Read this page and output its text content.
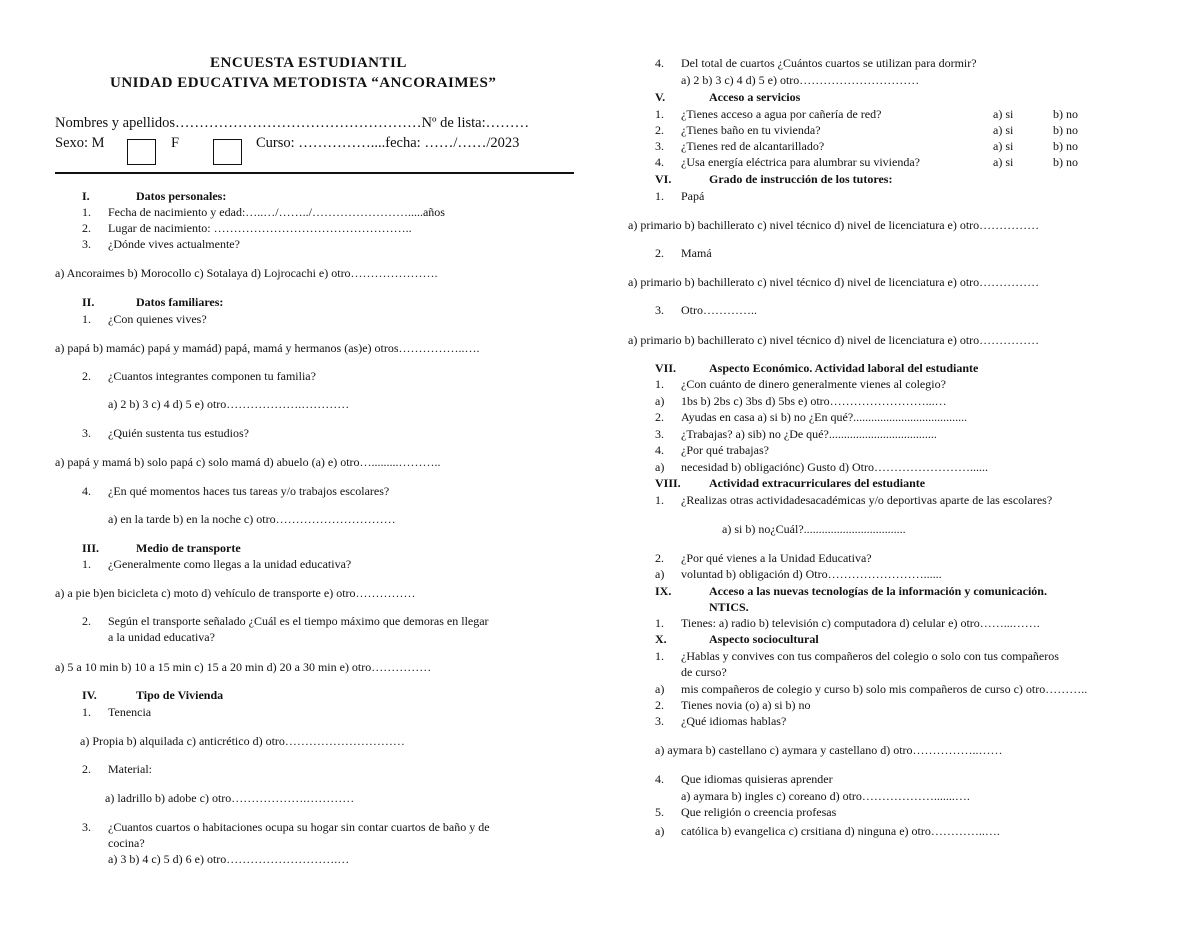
ENCUESTA ESTUDIANTIL
UNIDAD EDUCATIVA METODISTA “ANCORAIMES”
Nombres y apellidos……………………………………………Nº de lista:………
Sexo: M	F	Curso: ……………....fecha: ……/……/2023
I.	Datos personales:
1. Fecha de nacimiento y edad:…..…/……../…………………….....años
2. Lugar de nacimiento: …………………………………………..
3. ¿Dónde vives actualmente?
a) Ancoraimes b) Morocollo c) Sotalaya d) Lojrocachi e) otro………………….
II.	Datos familiares:
1. ¿Con quienes vives?
a) papá b) mamác) papá y mamád) papá, mamá y hermanos (as)e) otros……………..….
2. ¿Cuantos integrantes componen tu familia?
a) 2 b) 3 c) 4 d) 5 e) otro……………….…………
3. ¿Quién sustenta tus estudios?
a) papá y mamá b) solo papá c) solo mamá d) abuelo (a) e) otro….........………..
4. ¿En qué momentos haces tus tareas y/o trabajos escolares?
a) en la tarde b) en la noche c) otro…………………………
III.	Medio de transporte
1. ¿Generalmente como llegas a la unidad educativa?
a) a pie b)en bicicleta c) moto d) vehículo de transporte e) otro……………
2. Según el transporte señalado ¿Cuál es el tiempo máximo que demoras en llegar
a la unidad educativa?
a) 5 a 10 min b) 10 a 15 min c) 15 a 20 min d) 20 a 30 min e) otro……………
IV.	Tipo de Vivienda
1. Tenencia
a) Propia b) alquilada c) anticrético d) otro…………………………
2. Material:
a) ladrillo b) adobe c) otro……………….…………
3. ¿Cuantos cuartos o habitaciones ocupa su hogar sin contar cuartos de baño y de
cocina?
a) 3 b) 4 c) 5 d) 6 e) otro……………………….…
4. Del total de cuartos ¿Cuántos cuartos se utilizan para dormir?
a) 2 b) 3 c) 4 d) 5 e) otro…………………………
V.	Acceso a servicios
1. ¿Tienes acceso a agua por cañería de red?	a) si	b) no
2. ¿Tienes baño en tu vivienda?	a) si	b) no
3. ¿Tienes red de alcantarillado?	a) si	b) no
4. ¿Usa energía eléctrica para alumbrar su vivienda?	a) si	b) no
VI.	Grado de instrucción de los tutores:
1. Papá
a) primario b) bachillerato c) nivel técnico d) nivel de licenciatura e) otro……………
2. Mamá
a) primario b) bachillerato c) nivel técnico d) nivel de licenciatura e) otro……………
3. Otro…………..
a) primario b) bachillerato c) nivel técnico d) nivel de licenciatura e) otro……………
VII.	Aspecto Económico. Actividad laboral del estudiante
1. ¿Con cuánto de dinero generalmente vienes al colegio?
a) 1bs b) 2bs c) 3bs d) 5bs e) otro……………………...…
2. Ayudas en casa a) si b) no ¿En qué?......................................
3. ¿Trabajas? a) sib) no ¿De qué?....................................
4. ¿Por qué trabajas?
a) necesidad b) obligaciónc) Gusto d) Otro……………………......
VIII. Actividad extracurriculares del estudiante
1. ¿Realizas otras actividadesacadémicas y/o deportivas aparte de las escolares?
a) si b) no¿Cuál?..................................
2. ¿Por qué vienes a la Unidad Educativa?
a) voluntad b) obligación d) Otro……………………......
IX.	Acceso a las nuevas tecnologías de la información y comunicación.
NTICS.
1. Tienes: a) radio b) televisión c) computadora d) celular e) otro……...…….
X.	Aspecto sociocultural
1. ¿Hablas y convives con tus compañeros del colegio o solo con tus compañeros
de curso?
a) mis compañeros de colegio y curso b) solo mis compañeros de curso c) otro………..
2. Tienes novia (o) a) si b) no
3. ¿Qué idiomas hablas?
a) aymara b) castellano c) aymara y castellano d) otro……………..……
4. Que idiomas quisieras aprender
a) aymara b) ingles c) coreano d) otro……………….......….
5. Que religión o creencia profesas
a) católica b) evangelica c) crsitiana d) ninguna e) otro…………..….
